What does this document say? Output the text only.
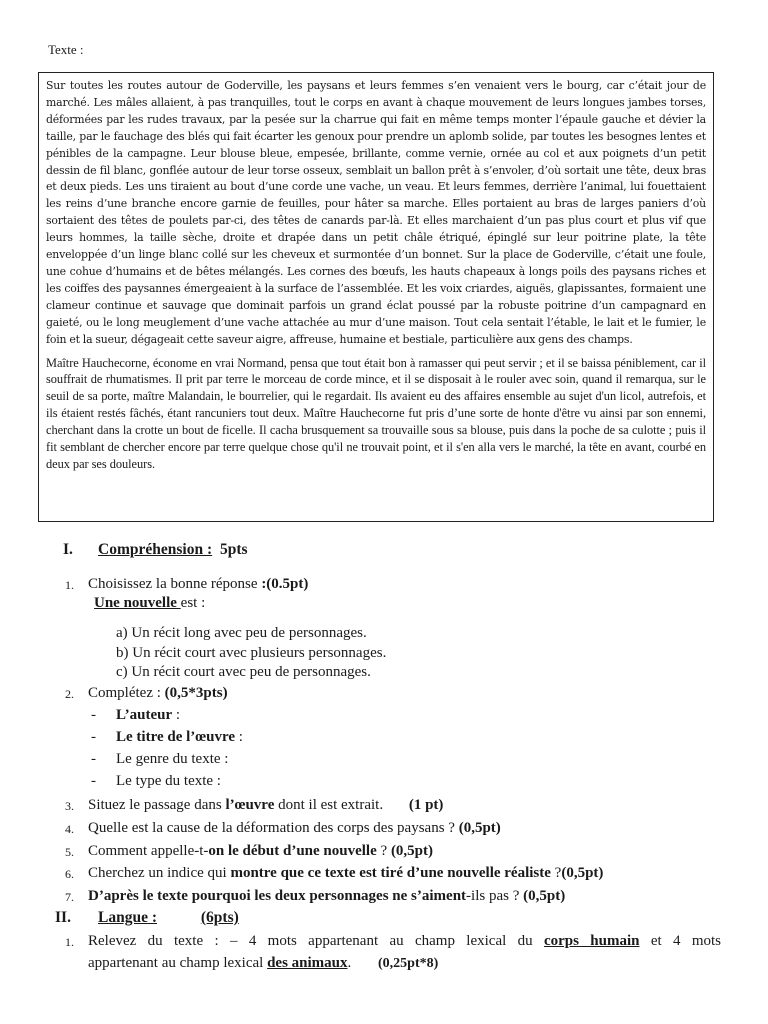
Texte :

Sur toutes les routes autour de Goderville, les paysans et leurs femmes s’en venaient vers le bourg, car c’était jour de marché. Les mâles allaient, à pas tranquilles, tout le corps en avant à chaque mouvement de leurs longues jambes torses, déformées par les rudes travaux, par la pesée sur la charrue qui fait en même temps monter l’épaule gauche et dévier la taille, par le fauchage des blés qui fait écarter les genoux pour prendre un aplomb solide, par toutes les besognes lentes et pénibles de la campagne. Leur blouse bleue, empesée, brillante, comme vernie, ornée au col et aux poignets d’un petit dessin de fil blanc, gonflée autour de leur torse osseux, semblait un ballon prêt à s’envoler, d’où sortait une tête, deux bras et deux pieds. Les uns tiraient au bout d’une corde une vache, un veau. Et leurs femmes, derrière l’animal, lui fouettaient les reins d’une branche encore garnie de feuilles, pour hâter sa marche. Elles portaient au bras de larges paniers d’où sortaient des têtes de poulets par-ci, des têtes de canards par-là. Et elles marchaient d’un pas plus court et plus vif que leurs hommes, la taille sèche, droite et drapée dans un petit châle étriqué, épinglé sur leur poitrine plate, la tête enveloppée d’un linge blanc collé sur les cheveux et surmontée d’un bonnet. Sur la place de Goderville, c’était une foule, une cohue d’humains et de bêtes mélangés. Les cornes des bœufs, les hauts chapeaux à longs poils des paysans riches et les coiffes des paysannes émergeaient à la surface de l’assemblée. Et les voix criardes, aiguës, glapissantes, formaient une clameur continue et sauvage que dominait parfois un grand éclat poussé par la robuste poitrine d’un campagnard en gaieté, ou le long meuglement d’une vache attachée au mur d’une maison. Tout cela sentait l’étable, le lait et le fumier, le foin et la sueur, dégageait cette saveur aigre, affreuse, humaine et bestiale, particulière aux gens des champs.

Maître Hauchecorne, économe en vrai Normand, pensa que tout était bon à ramasser qui peut servir ; et il se baissa péniblement, car il souffrait de rhumatismes. Il prit par terre le morceau de corde mince, et il se disposait à le rouler avec soin, quand il remarqua, sur le seuil de sa porte, maître Malandain, le bourrelier, qui le regardait. Ils avaient eu des affaires ensemble au sujet d'un licol, autrefois, et ils étaient restés fâchés, étant rancuniers tout deux. Maître Hauchecorne fut pris d’une sorte de honte d'être vu ainsi par son ennemi, cherchant dans la crotte un bout de ficelle. Il cacha brusquement sa trouvaille sous sa blouse, puis dans la poche de sa culotte ; puis il fit semblant de chercher encore par terre quelque chose qu'il ne trouvait point, et il s'en alla vers le marché, la tête en avant, courbé en deux par ses douleurs.

I. Compréhension : 5pts
1. Choisissez la bonne réponse :(0.5pt)
Une nouvelle est :
a) Un récit long avec peu de personnages.
b) Un récit court avec plusieurs personnages.
c) Un récit court avec peu de personnages.
2. Complétez : (0,5*3pts)
- L’auteur :
- Le titre de l’œuvre :
- Le genre du texte :
- Le type du texte :
3. Situez le passage dans l’œuvre dont il est extrait. (1 pt)
4. Quelle est la cause de la déformation des corps des paysans ? (0,5pt)
5. Comment appelle-t-on le début d’une nouvelle ? (0,5pt)
6. Cherchez un indice qui montre que ce texte est tiré d’une nouvelle réaliste ?(0,5pt)
7. D’après le texte pourquoi les deux personnages ne s’aiment-ils pas ? (0,5pt)
II. Langue :	(6pts)
1. Relevez du texte : – 4 mots appartenant au champ lexical du corps humain et 4 mots
appartenant au champ lexical des animaux.     (0,25pt*8)
